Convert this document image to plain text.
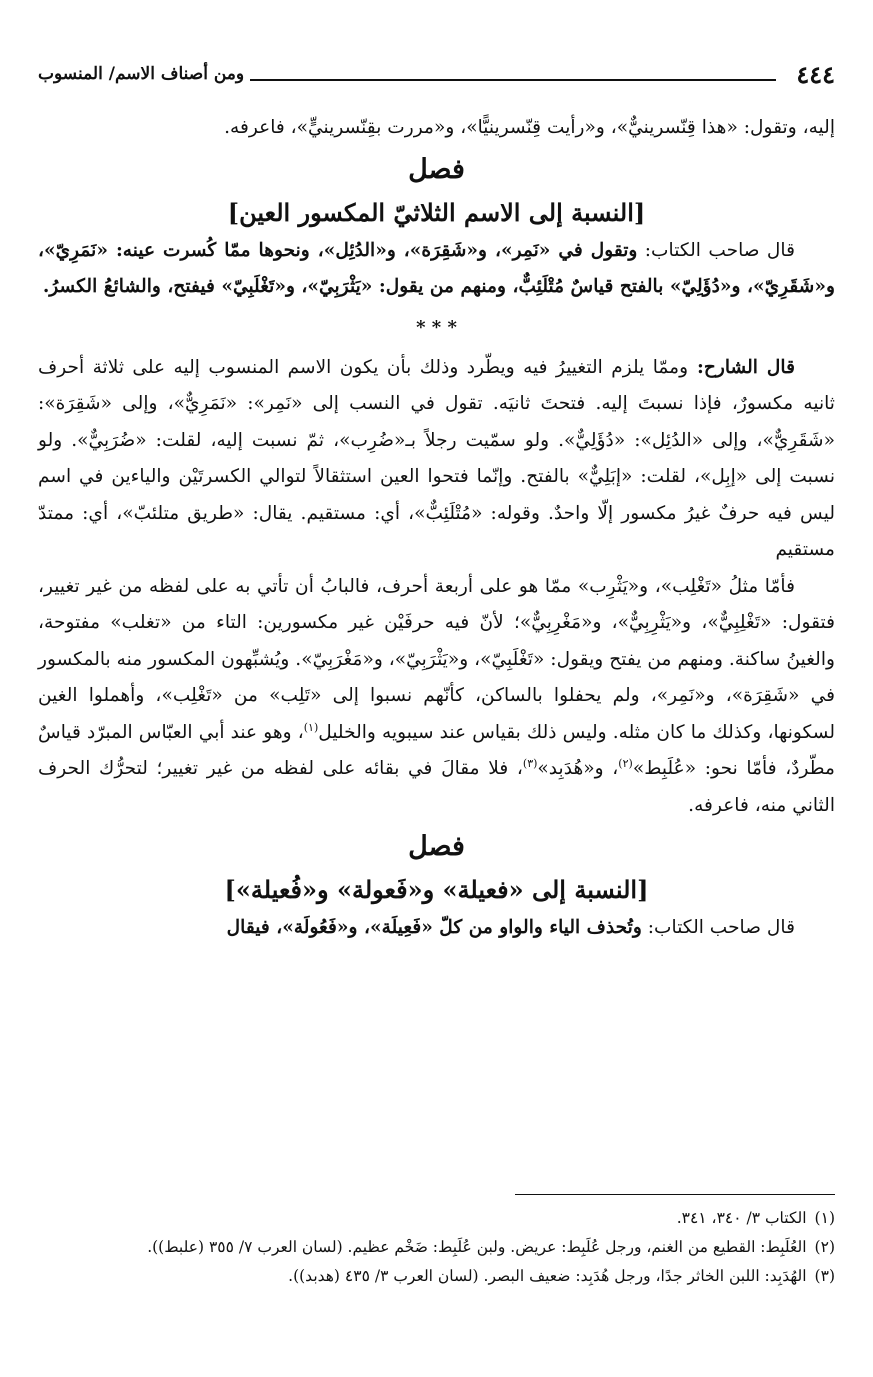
٤٤٤
ومن أصناف الاسم/ المنسوب

إليه، وتقول: «هذا قِنّسرينيٌّ»، و«رأيت قِنّسرينيًّا»، و«مررت بقِنّسرينيٍّ»، فاعرفه.

فصل

[النسبة إلى الاسم الثلاثيّ المكسور العين]

قال صاحب الكتاب: وتقول في «نَمِر»، و«شَقِرَة»، و«الدُئِل»، ونحوها ممّا كُسرت عينه: «نَمَرِيّ»، و«شَقَرِيّ»، و«دُؤَلِيّ» بالفتح قياسٌ مُتْلَئِبٌّ، ومنهم من يقول: «يَثْرَبِيّ»، و«تَغْلَبِيّ» فيفتح، والشائعُ الكسرُ.

* * *

قال الشارح: وممّا يلزم التغييرُ فيه ويطّرد وذلك بأن يكون الاسم المنسوب إليه على ثلاثة أحرف ثانيه مكسورٌ، فإذا نسبتَ إليه. فتحتَ ثانيَه. تقول في النسب إلى «نَمِر»: «نَمَرِيٌّ»، وإلى «شَقِرَة»: «شَقَرِيٌّ»، وإلى «الدُئِل»: «دُؤَلِيٌّ». ولو سمّيت رجلاً بـ«ضُرِب»، ثمّ نسبت إليه، لقلت: «ضُرَبِيٌّ». ولو نسبت إلى «إبِل»، لقلت: «إبَلِيٌّ» بالفتح. وإنّما فتحوا العين استثقالاً لتوالي الكسرتَيْن والياءين في اسم ليس فيه حرفٌ غيرُ مكسور إلّا واحدٌ. وقوله: «مُتْلَئِبٌّ»، أي: مستقيم. يقال: «طريق متلئبّ»، أي: ممتدّ مستقيم

فأمّا مثلُ «تَغْلِب»، و«يَثْرِب» ممّا هو على أربعة أحرف، فالبابُ أن تأتي به على لفظه من غير تغيير، فتقول: «تَغْلِبِيٌّ»، و«يَثْرِبِيٌّ»، و«مَغْرِبِيٌّ»؛ لأنّ فيه حرفَيْن غير مكسورين: التاء من «تغلب» مفتوحة، والغينُ ساكنة. ومنهم من يفتح ويقول: «تَغْلَبِيّ»، و«يَثْرَبِيّ»، و«مَغْرَبِيّ». ويُشبِّهون المكسور منه بالمكسور في «شَقِرَة»، و«نَمِر»، ولم يحفلوا بالساكن، كأنّهم نسبوا إلى «تَلِب» من «تَغْلِب»، وأهملوا الغين لسكونها، وكذلك ما كان مثله. وليس ذلك بقياس عند سيبويه والخليل$^{(١)}$، وهو عند أبي العبّاس المبرّد قياسٌ مطّردٌ، فأمّا نحو: «عُلَبِط»$^{(٢)}$، و«هُدَبِد»$^{(٣)}$، فلا مقالَ في بقائه على لفظه من غير تغيير؛ لتحرُّك الحرف الثاني منه، فاعرفه.

فصل

[النسبة إلى «فعيلة» و«فَعولة» و«فُعيلة»]

قال صاحب الكتاب: وتُحذف الياء والواو من كلّ «فَعِيلَة»، و«فَعُولَة»، فيقال

(١)الكتاب ٣/ ٣٤٠، ٣٤١.

(٢)العُلَبِط: القطيع من الغنم، ورجل عُلَبِط: عريض. ولبن عُلَبِط: ضَخْم عظيم. (لسان العرب ٧/ ٣٥٥ (علبط)).

(٣)الهُدَبِد: اللبن الخاثر جدًا، ورجل هُدَبِد: ضعيف البصر. (لسان العرب ٣/ ٤٣٥ (هدبد)).
